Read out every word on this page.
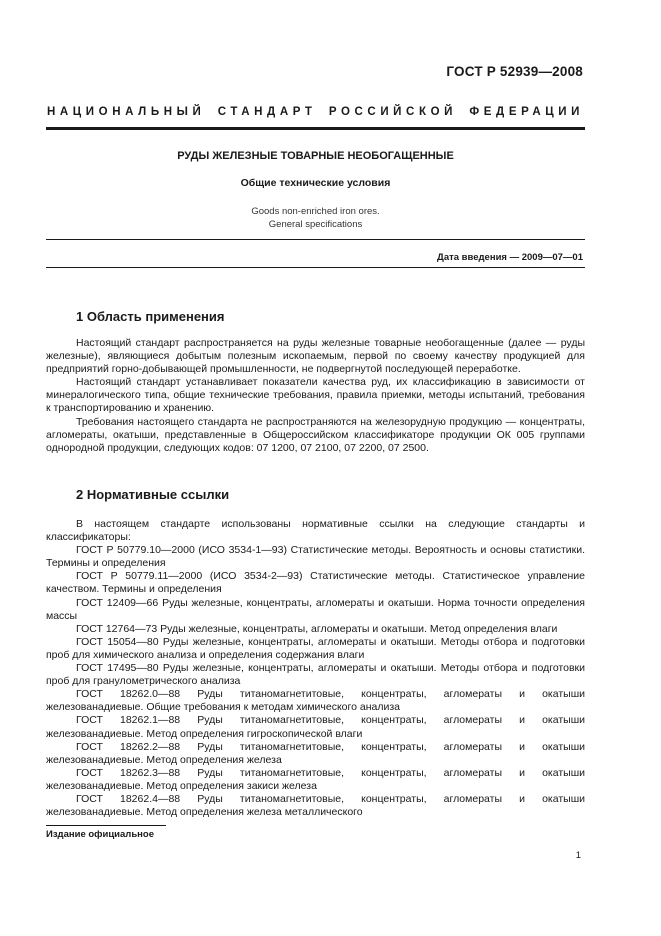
ГОСТ Р 52939—2008
НАЦИОНАЛЬНЫЙ СТАНДАРТ РОССИЙСКОЙ ФЕДЕРАЦИИ
РУДЫ ЖЕЛЕЗНЫЕ ТОВАРНЫЕ НЕОБОГАЩЕННЫЕ
Общие технические условия
Goods non-enriched iron ores.
General specifications
Дата введения — 2009—07—01
1 Область применения

Настоящий стандарт распространяется на руды железные товарные необогащенные (далее — руды железные), являющиеся добытым полезным ископаемым, первой по своему качеству продукцией для предприятий горно-добывающей промышленности, не подвергнутой последующей переработке.

Настоящий стандарт устанавливает показатели качества руд, их классификацию в зависимости от минералогического типа, общие технические требования, правила приемки, методы испытаний, требования к транспортированию и хранению.

Требования настоящего стандарта не распространяются на железорудную продукцию — концентраты, агломераты, окатыши, представленные в Общероссийском классификаторе продукции ОК 005 группами однородной продукции, следующих кодов: 07 1200, 07 2100, 07 2200, 07 2500.

2 Нормативные ссылки

В настоящем стандарте использованы нормативные ссылки на следующие стандарты и классификаторы:

ГОСТ Р 50779.10—2000 (ИСО 3534-1—93) Статистические методы. Вероятность и основы статистики. Термины и определения

ГОСТ Р 50779.11—2000 (ИСО 3534-2—93) Статистические методы. Статистическое управление качеством. Термины и определения

ГОСТ 12409—66 Руды железные, концентраты, агломераты и окатыши. Норма точности определения массы

ГОСТ 12764—73 Руды железные, концентраты, агломераты и окатыши. Метод определения влаги

ГОСТ 15054—80 Руды железные, концентраты, агломераты и окатыши. Методы отбора и подготовки проб для химического анализа и определения содержания влаги

ГОСТ 17495—80 Руды железные, концентраты, агломераты и окатыши. Методы отбора и подготовки проб для гранулометрического анализа

ГОСТ 18262.0—88 Руды титаномагнетитовые, концентраты, агломераты и окатыши железованадиевые. Общие требования к методам химического анализа

ГОСТ 18262.1—88 Руды титаномагнетитовые, концентраты, агломераты и окатыши железованадиевые. Метод определения гигроскопической влаги

ГОСТ 18262.2—88 Руды титаномагнетитовые, концентраты, агломераты и окатыши железованадиевые. Метод определения железа

ГОСТ 18262.3—88 Руды титаномагнетитовые, концентраты, агломераты и окатыши железованадиевые. Метод определения закиси железа

ГОСТ 18262.4—88 Руды титаномагнетитовые, концентраты, агломераты и окатыши железованадиевые. Метод определения железа металлического

Издание официальное
1
